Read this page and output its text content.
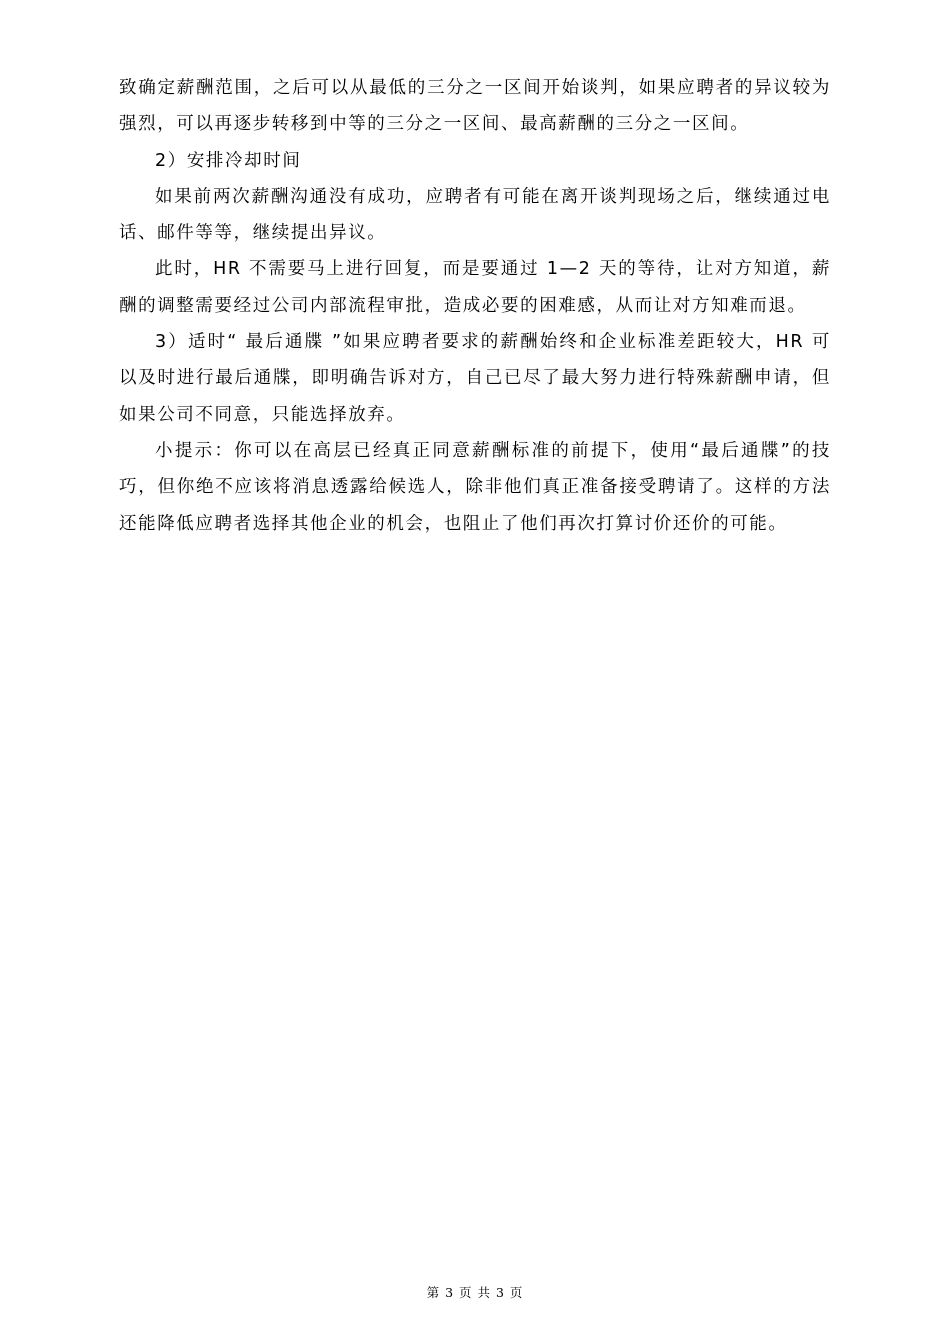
致确定薪酬范围，之后可以从最低的三分之一区间开始谈判，如果应聘者的异议较为强烈，可以再逐步转移到中等的三分之一区间、最高薪酬的三分之一区间。

2）安排冷却时间

如果前两次薪酬沟通没有成功，应聘者有可能在离开谈判现场之后，继续通过电话、邮件等等，继续提出异议。

此时，HR 不需要马上进行回复，而是要通过 1—2 天的等待，让对方知道，薪酬的调整需要经过公司内部流程审批，造成必要的困难感，从而让对方知难而退。

3）适时“ 最后通牒 ”如果应聘者要求的薪酬始终和企业标准差距较大，HR 可以及时进行最后通牒，即明确告诉对方，自己已尽了最大努力进行特殊薪酬申请，但如果公司不同意，只能选择放弃。

小提示：你可以在高层已经真正同意薪酬标准的前提下，使用“最后通牒”的技巧，但你绝不应该将消息透露给候选人，除非他们真正准备接受聘请了。这样的方法还能降低应聘者选择其他企业的机会，也阻止了他们再次打算讨价还价的可能。

第 3 页 共 3 页
